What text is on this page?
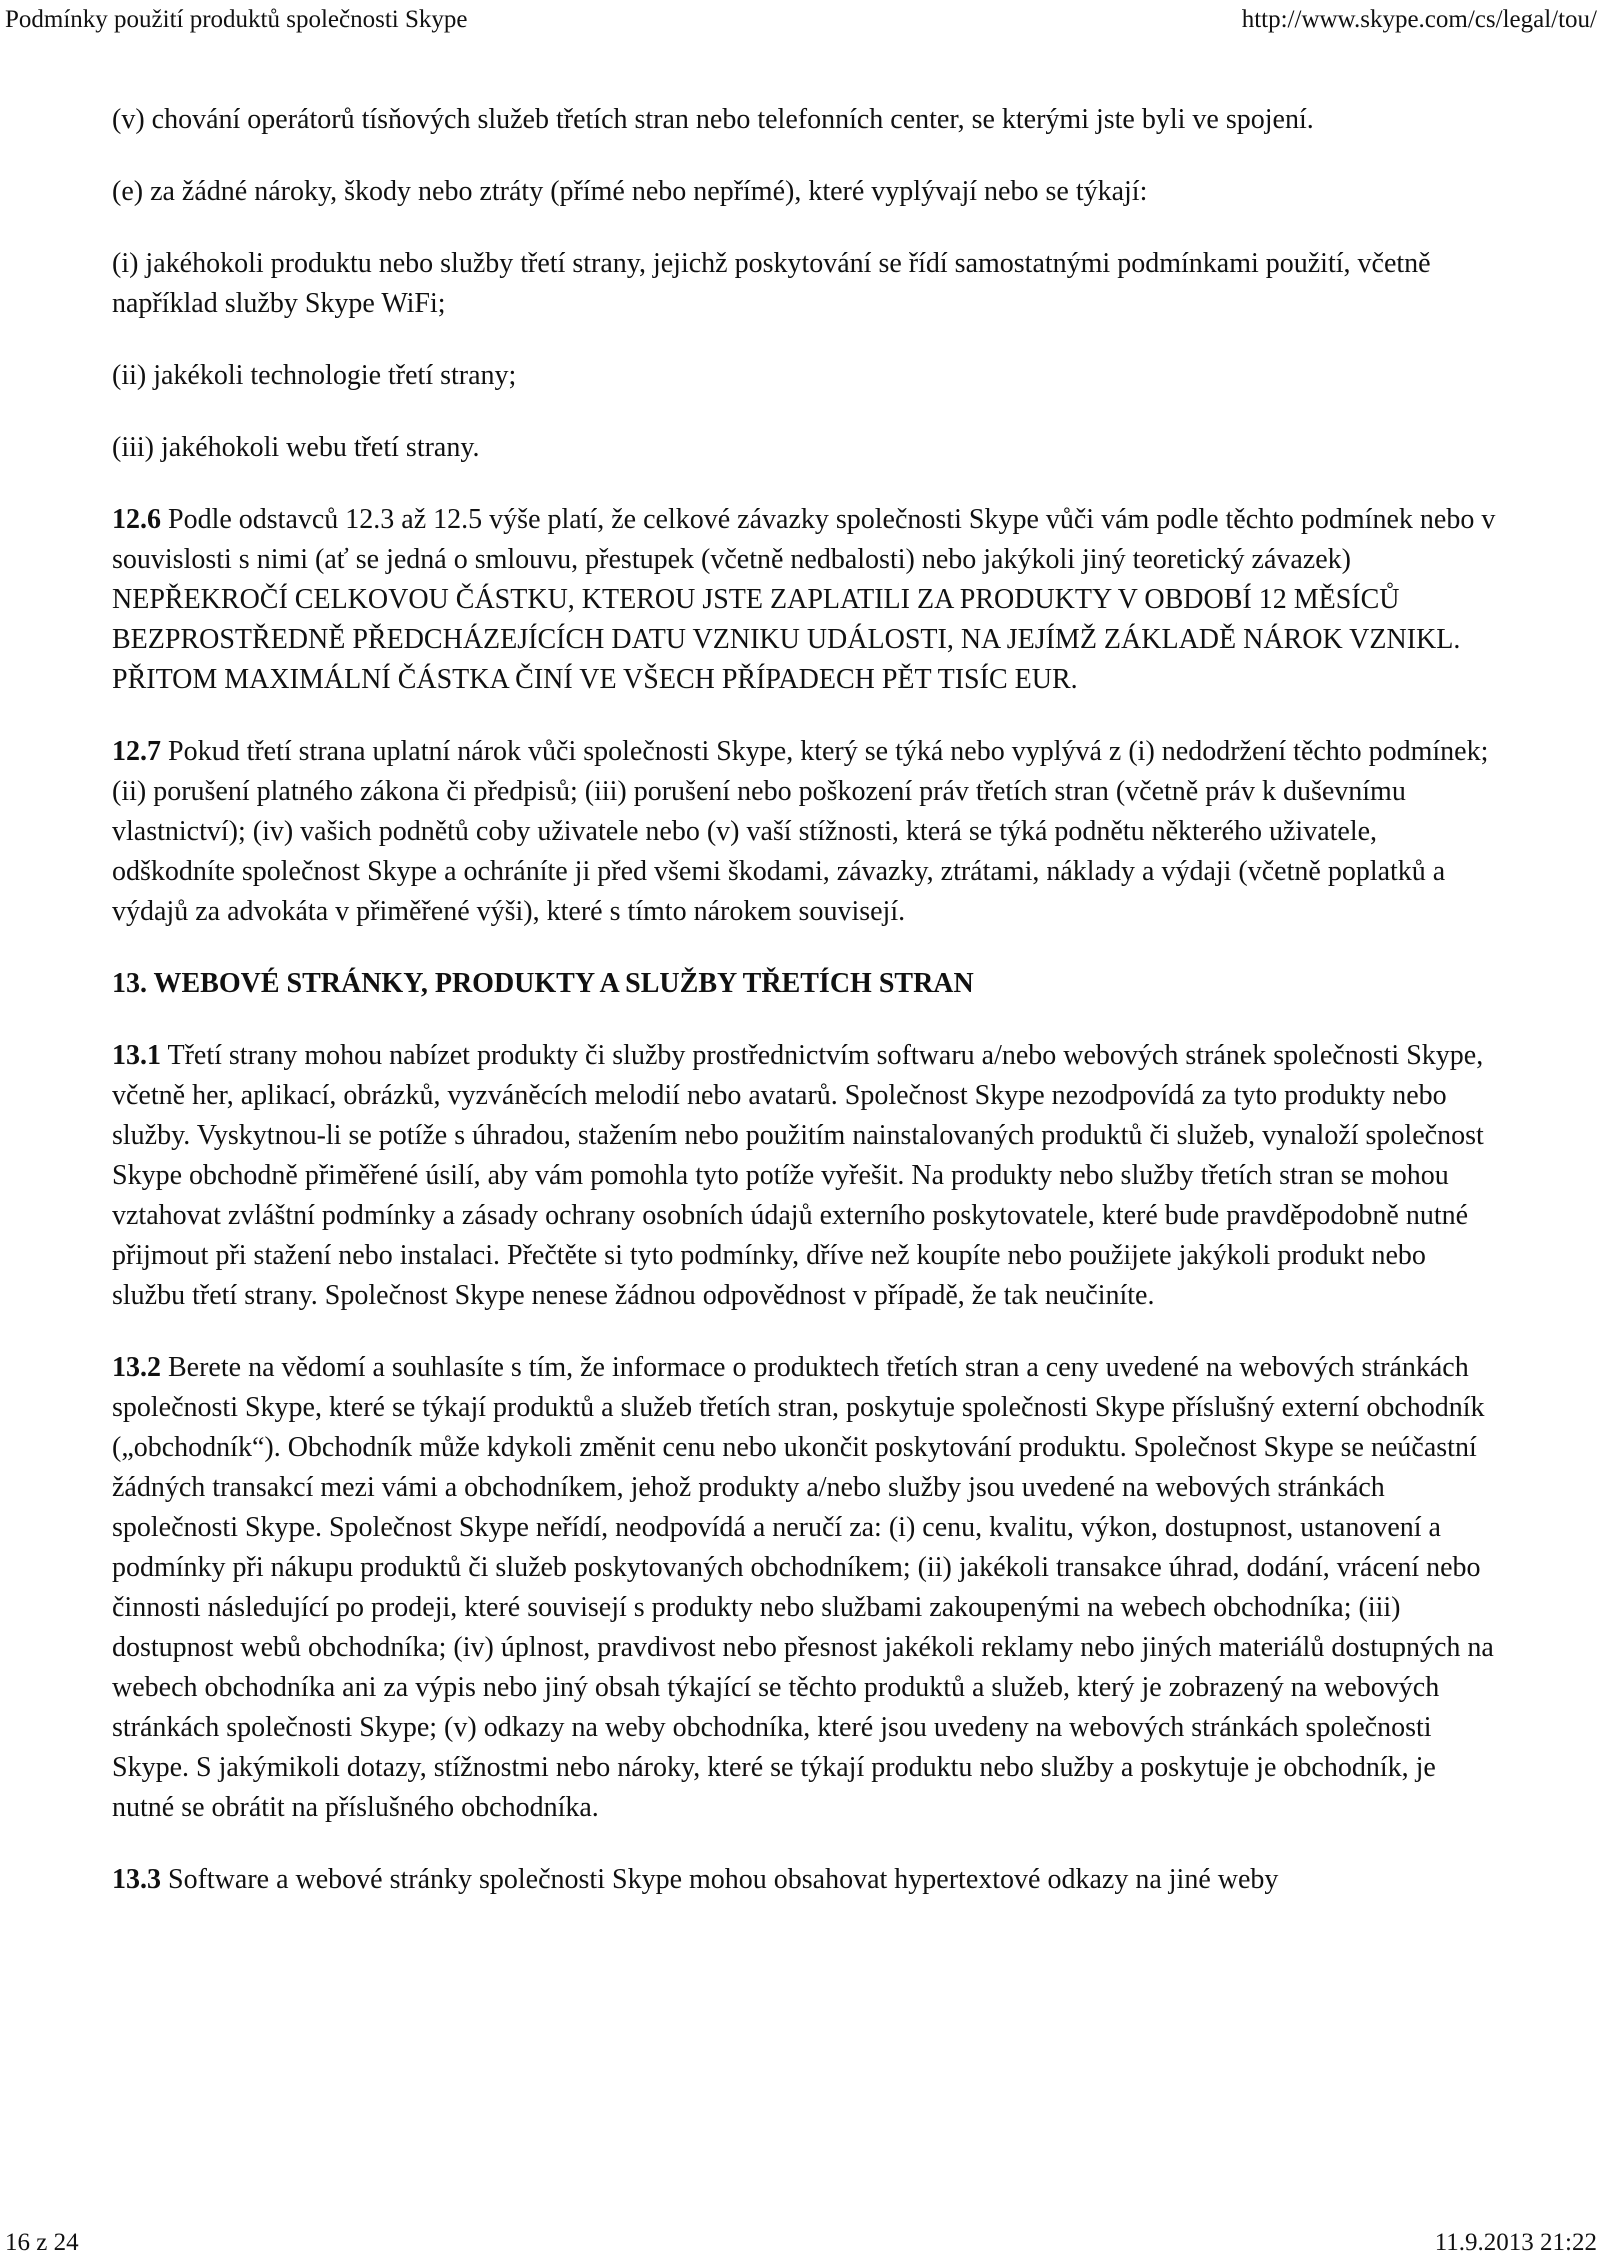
Podmínky použití produktů společnosti Skype	http://www.skype.com/cs/legal/tou/

(v) chování operátorů tísňových služeb třetích stran nebo telefonních center, se kterými jste byli ve spojení.

(e) za žádné nároky, škody nebo ztráty (přímé nebo nepřímé), které vyplývají nebo se týkají:

(i) jakéhokoli produktu nebo služby třetí strany, jejichž poskytování se řídí samostatnými podmínkami použití, včetně například služby Skype WiFi;

(ii) jakékoli technologie třetí strany;

(iii) jakéhokoli webu třetí strany.

12.6 Podle odstavců 12.3 až 12.5 výše platí, že celkové závazky společnosti Skype vůči vám podle těchto podmínek nebo v souvislosti s nimi (ať se jedná o smlouvu, přestupek (včetně nedbalosti) nebo jakýkoli jiný teoretický závazek) NEPŘEKROČÍ CELKOVOU ČÁSTKU, KTEROU JSTE ZAPLATILI ZA PRODUKTY V OBDOBÍ 12 MĚSÍCŮ BEZPROSTŘEDNĚ PŘEDCHÁZEJÍCÍCH DATU VZNIKU UDÁLOSTI, NA JEJÍMŽ ZÁKLADĚ NÁROK VZNIKL. PŘITOM MAXIMÁLNÍ ČÁSTKA ČINÍ VE VŠECH PŘÍPADECH PĚT TISÍC EUR.

12.7 Pokud třetí strana uplatní nárok vůči společnosti Skype, který se týká nebo vyplývá z (i) nedodržení těchto podmínek; (ii) porušení platného zákona či předpisů; (iii) porušení nebo poškození práv třetích stran (včetně práv k duševnímu vlastnictví); (iv) vašich podnětů coby uživatele nebo (v) vaší stížnosti, která se týká podnětu některého uživatele, odškodníte společnost Skype a ochráníte ji před všemi škodami, závazky, ztrátami, náklady a výdaji (včetně poplatků a výdajů za advokáta v přiměřené výši), které s tímto nárokem souvisejí.

13. WEBOVÉ STRÁNKY, PRODUKTY A SLUŽBY TŘETÍCH STRAN

13.1 Třetí strany mohou nabízet produkty či služby prostřednictvím softwaru a/nebo webových stránek společnosti Skype, včetně her, aplikací, obrázků, vyzváněcích melodií nebo avatarů. Společnost Skype nezodpovídá za tyto produkty nebo služby. Vyskytnou-li se potíže s úhradou, stažením nebo použitím nainstalovaných produktů či služeb, vynaloží společnost Skype obchodně přiměřené úsilí, aby vám pomohla tyto potíže vyřešit. Na produkty nebo služby třetích stran se mohou vztahovat zvláštní podmínky a zásady ochrany osobních údajů externího poskytovatele, které bude pravděpodobně nutné přijmout při stažení nebo instalaci. Přečtěte si tyto podmínky, dříve než koupíte nebo použijete jakýkoli produkt nebo službu třetí strany. Společnost Skype nenese žádnou odpovědnost v případě, že tak neučiníte.

13.2 Berete na vědomí a souhlasíte s tím, že informace o produktech třetích stran a ceny uvedené na webových stránkách společnosti Skype, které se týkají produktů a služeb třetích stran, poskytuje společnosti Skype příslušný externí obchodník („obchodník“). Obchodník může kdykoli změnit cenu nebo ukončit poskytování produktu. Společnost Skype se neúčastní žádných transakcí mezi vámi a obchodníkem, jehož produkty a/nebo služby jsou uvedené na webových stránkách společnosti Skype. Společnost Skype neřídí, neodpovídá a neručí za: (i) cenu, kvalitu, výkon, dostupnost, ustanovení a podmínky při nákupu produktů či služeb poskytovaných obchodníkem; (ii) jakékoli transakce úhrad, dodání, vrácení nebo činnosti následující po prodeji, které souvisejí s produkty nebo službami zakoupenými na webech obchodníka; (iii) dostupnost webů obchodníka; (iv) úplnost, pravdivost nebo přesnost jakékoli reklamy nebo jiných materiálů dostupných na webech obchodníka ani za výpis nebo jiný obsah týkající se těchto produktů a služeb, který je zobrazený na webových stránkách společnosti Skype; (v) odkazy na weby obchodníka, které jsou uvedeny na webových stránkách společnosti Skype. S jakýmikoli dotazy, stížnostmi nebo nároky, které se týkají produktu nebo služby a poskytuje je obchodník, je nutné se obrátit na příslušného obchodníka.

13.3 Software a webové stránky společnosti Skype mohou obsahovat hypertextové odkazy na jiné weby

16 z 24	11.9.2013 21:22
